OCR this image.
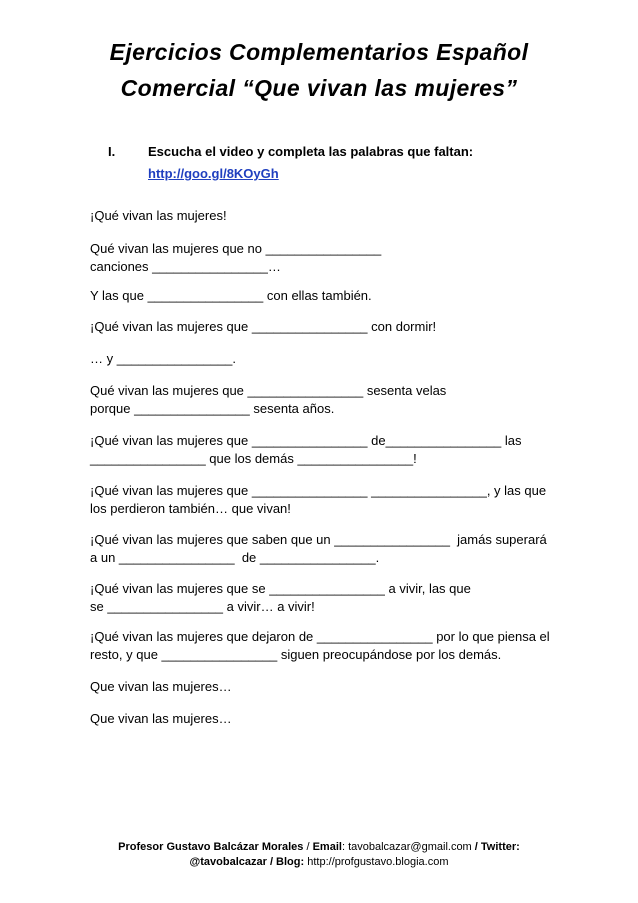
Ejercicios Complementarios Español
Comercial “Que vivan las mujeres”
I.	Escucha el video y completa las palabras que faltan:
http://goo.gl/8KOyGh

¡Qué vivan las mujeres!

Qué vivan las mujeres que no ________________
canciones ________________…

Y las que ________________ con ellas también.

¡Qué vivan las mujeres que ________________ con dormir!

… y ________________.

Qué vivan las mujeres que ________________ sesenta velas
porque ________________ sesenta años.

¡Qué vivan las mujeres que ________________ de________________ las
________________ que los demás ________________!

¡Qué vivan las mujeres que ________________ ________________, y las que
los perdieron también… que vivan!

¡Qué vivan las mujeres que saben que un ________________  jamás superará
a un ________________  de ________________.

¡Qué vivan las mujeres que se ________________ a vivir, las que
se ________________ a vivir… a vivir!

¡Qué vivan las mujeres que dejaron de ________________ por lo que piensa el
resto, y que ________________ siguen preocupándose por los demás.

Que vivan las mujeres…

Que vivan las mujeres…

Profesor Gustavo Balcázar Morales / Email: tavobalcazar@gmail.com / Twitter:
@tavobalcazar / Blog: http://profgustavo.blogia.com
